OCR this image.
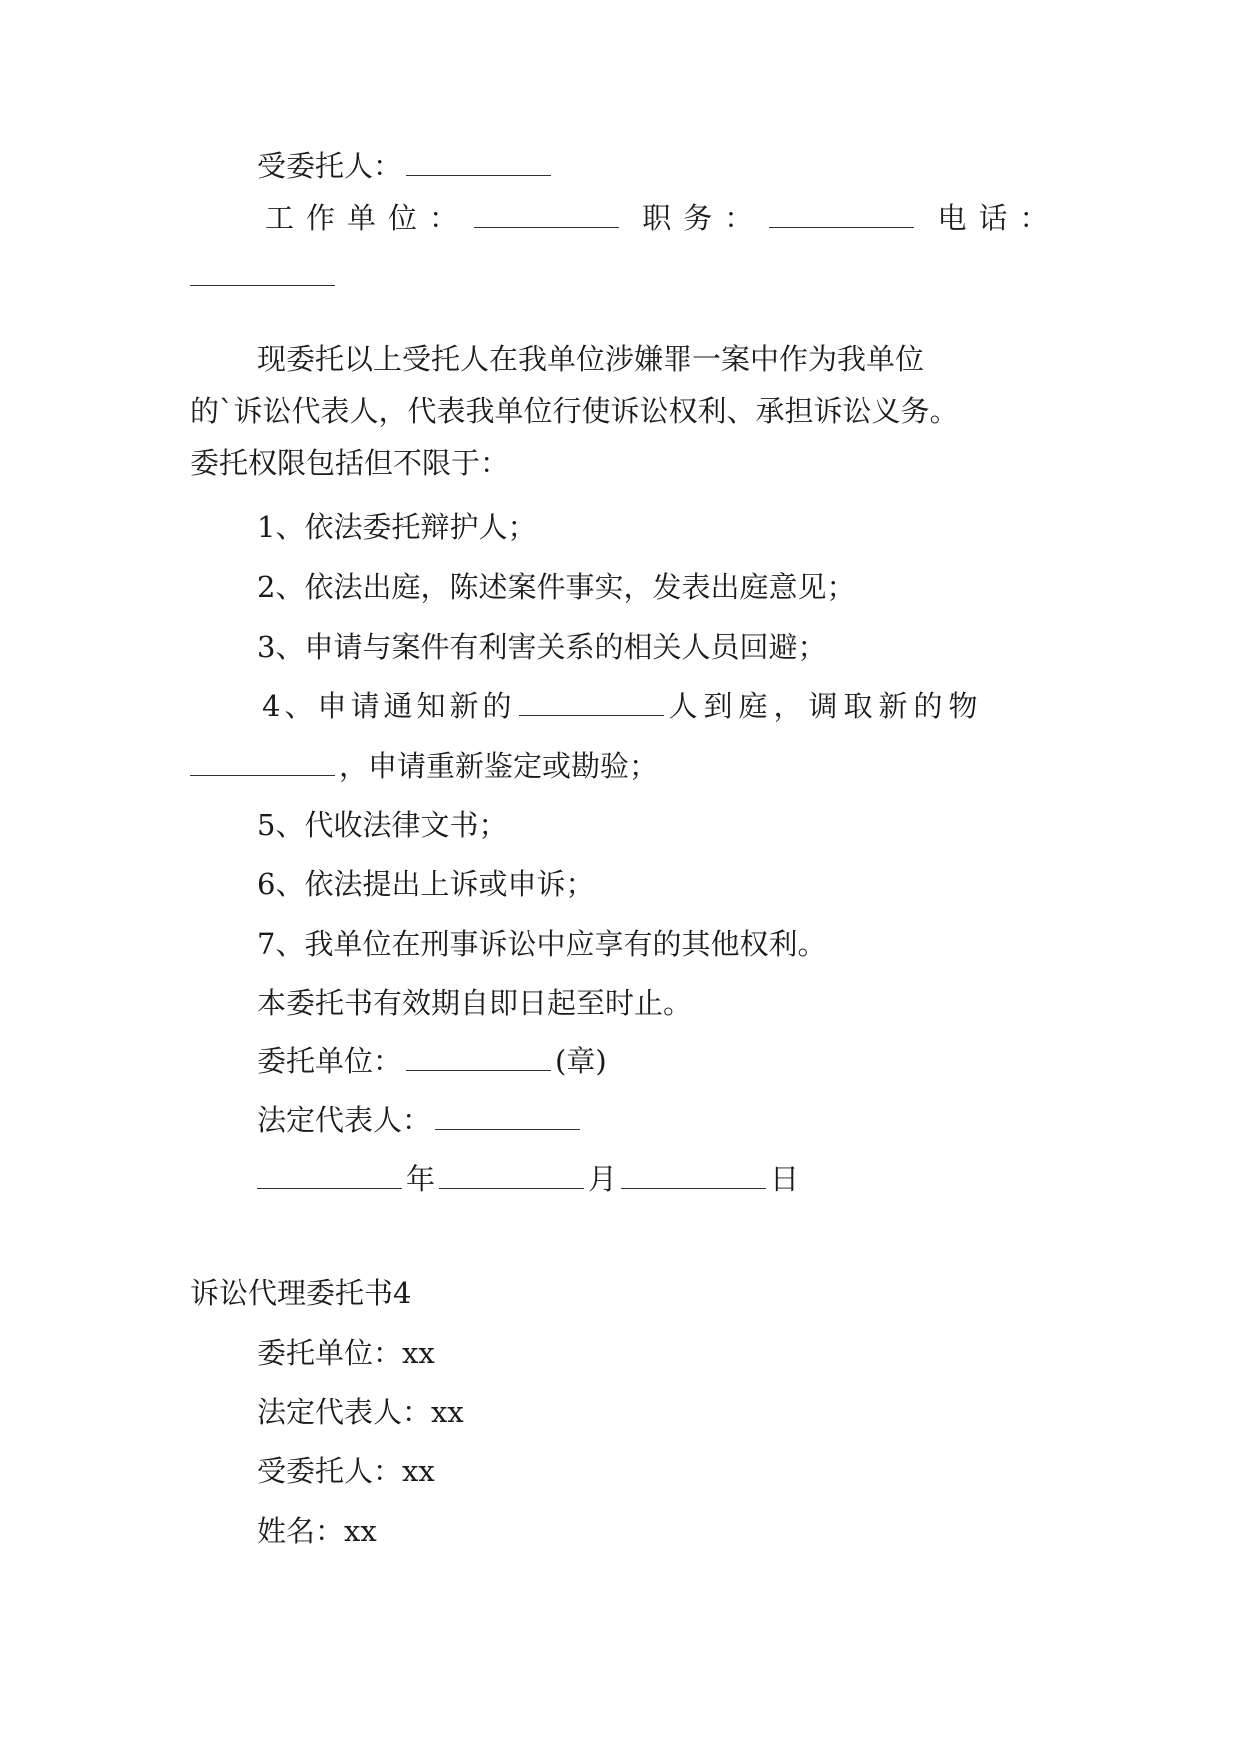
受委托人：
工作单位：	职务：	电话：
现委托以上受托人在我单位涉嫌罪一案中作为我单位
的`诉讼代表人，代表我单位行使诉讼权利、承担诉讼义务。
委托权限包括但不限于：
1、依法委托辩护人；
2、依法出庭，陈述案件事实，发表出庭意见；
3、申请与案件有利害关系的相关人员回避；
4、申请通知新的	人到庭，调取新的物
，申请重新鉴定或勘验；
5、代收法律文书；
6、依法提出上诉或申诉；
7、我单位在刑事诉讼中应享有的其他权利。
本委托书有效期自即日起至时止。
委托单位：	(章)
法定代表人：
年	月	日
诉讼代理委托书4
委托单位：xx
法定代表人：xx
受委托人：xx
姓名：xx
